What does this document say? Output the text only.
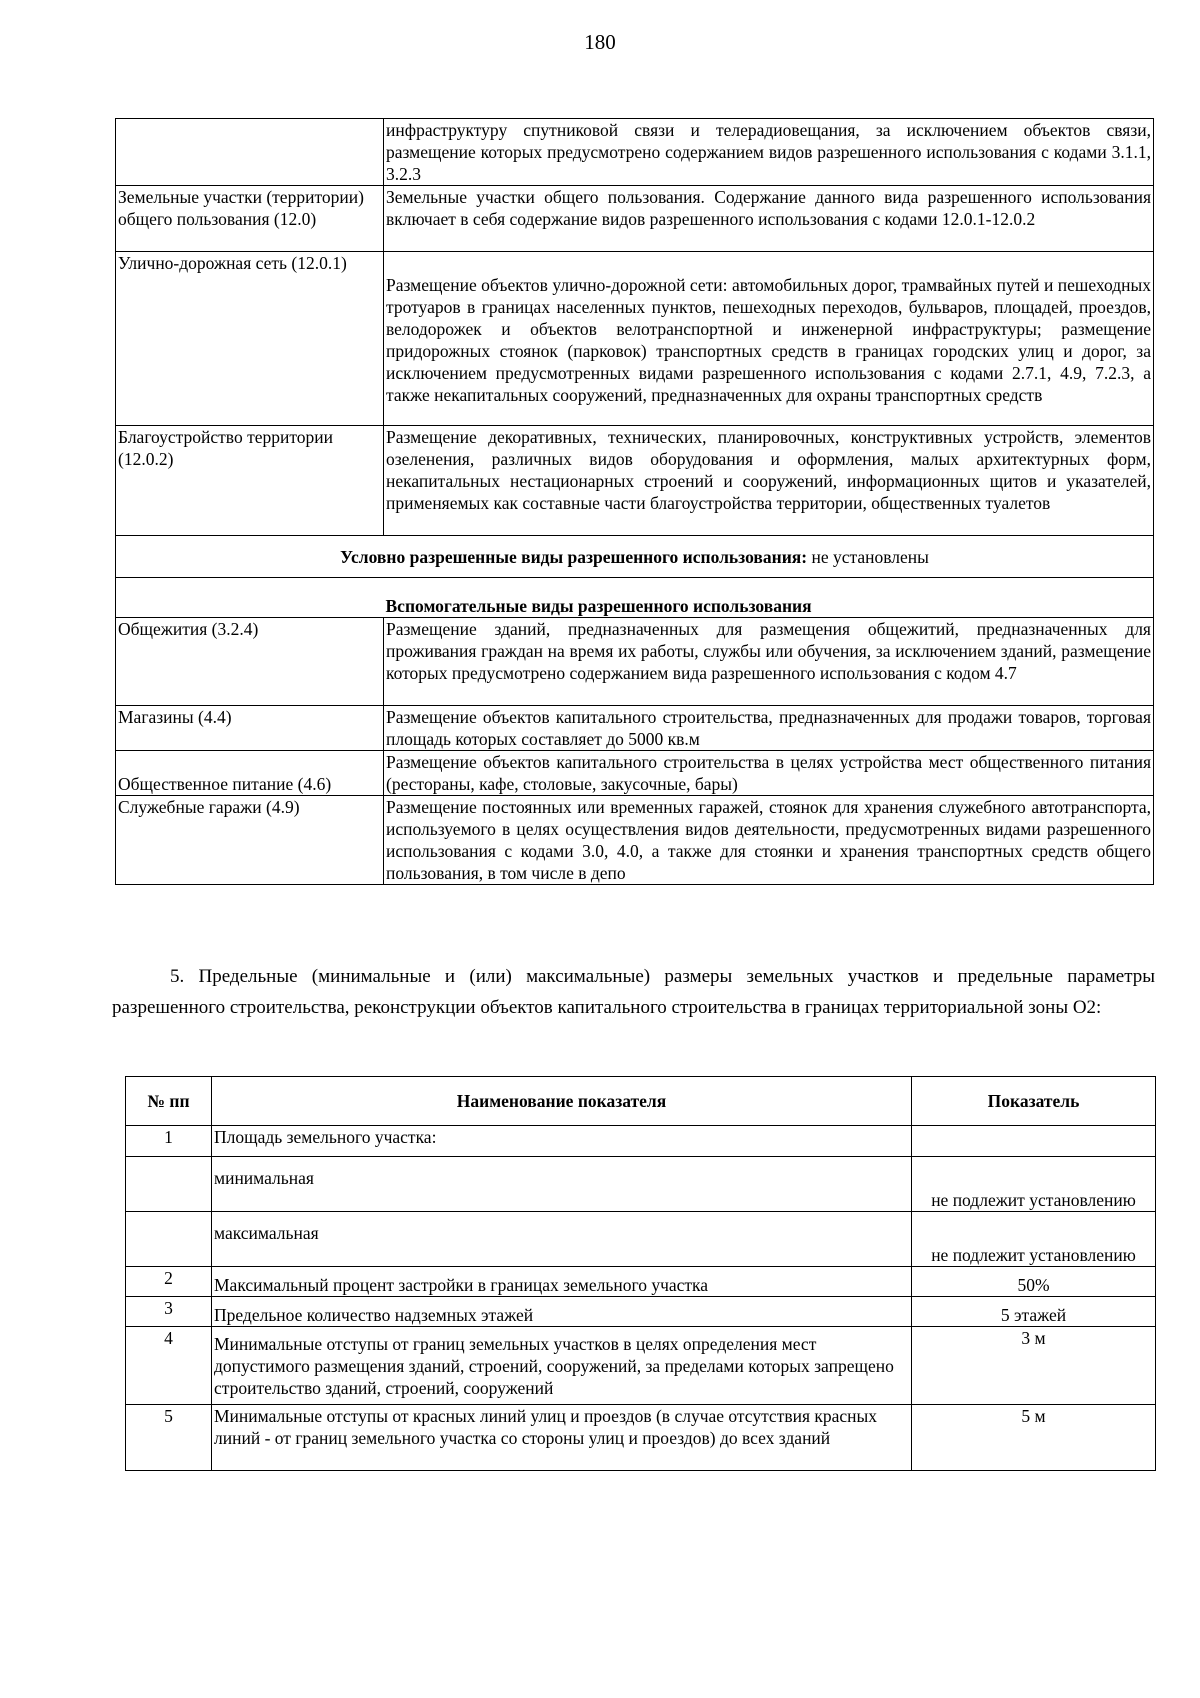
180
	инфраструктуру спутниковой связи и телерадиовещания, за исключением объектов связи, размещение которых предусмотрено содержанием видов разрешенного использования с кодами 3.1.1, 3.2.3
Земельные участки (территории) общего пользования (12.0)	Земельные участки общего пользования. Содержание данного вида разрешенного использования включает в себя содержание видов разрешенного использования с кодами 12.0.1-12.0.2
Улично-дорожная сеть (12.0.1)	Размещение объектов улично-дорожной сети: автомобильных дорог, трамвайных путей и пешеходных тротуаров в границах населенных пунктов, пешеходных переходов, бульваров, площадей, проездов, велодорожек и объектов велотранспортной и инженерной инфраструктуры; размещение придорожных стоянок (парковок) транспортных средств в границах городских улиц и дорог, за исключением предусмотренных видами разрешенного использования с кодами 2.7.1, 4.9, 7.2.3, а также некапитальных сооружений, предназначенных для охраны транспортных средств
Благоустройство территории (12.0.2)	Размещение декоративных, технических, планировочных, конструктивных устройств, элементов озеленения, различных видов оборудования и оформления, малых архитектурных форм, некапитальных нестационарных строений и сооружений, информационных щитов и указателей, применяемых как составные части благоустройства территории, общественных туалетов
Условно разрешенные виды разрешенного использования: не установлены	
	Вспомогательные виды разрешенного использования
Общежития (3.2.4)	Размещение зданий, предназначенных для размещения общежитий, предназначенных для проживания граждан на время их работы, службы или обучения, за исключением зданий, размещение которых предусмотрено содержанием вида разрешенного использования с кодом 4.7
Магазины (4.4)	Размещение объектов капитального строительства, предназначенных для продажи товаров, торговая площадь которых составляет до 5000 кв.м
Общественное питание (4.6)	Размещение объектов капитального строительства в целях устройства мест общественного питания (рестораны, кафе, столовые, закусочные, бары)
Служебные гаражи (4.9)	Размещение постоянных или временных гаражей, стоянок для хранения служебного автотранспорта, используемого в целях осуществления видов деятельности, предусмотренных видами разрешенного использования с кодами 3.0, 4.0, а также для стоянки и хранения транспортных средств общего пользования, в том числе в депо
5. Предельные (минимальные и (или) максимальные) размеры земельных участков и предельные параметры разрешенного строительства, реконструкции объектов капитального строительства в границах территориальной зоны О2:
№ пп	Наименование показателя	Показатель
1	Площадь земельного участка:	
	минимальная	не подлежит установлению
	максимальная	не подлежит установлению
2	Максимальный процент застройки в границах земельного участка	50%
3	Предельное количество надземных этажей	5 этажей
4	Минимальные отступы от границ земельных участков в целях определения мест допустимого размещения зданий, строений, сооружений, за пределами которых запрещено строительство зданий, строений, сооружений	3 м
5	Минимальные отступы от красных линий улиц и проездов (в случае отсутствия красных линий - от границ земельного участка со стороны улиц и проездов) до всех зданий	5 м
